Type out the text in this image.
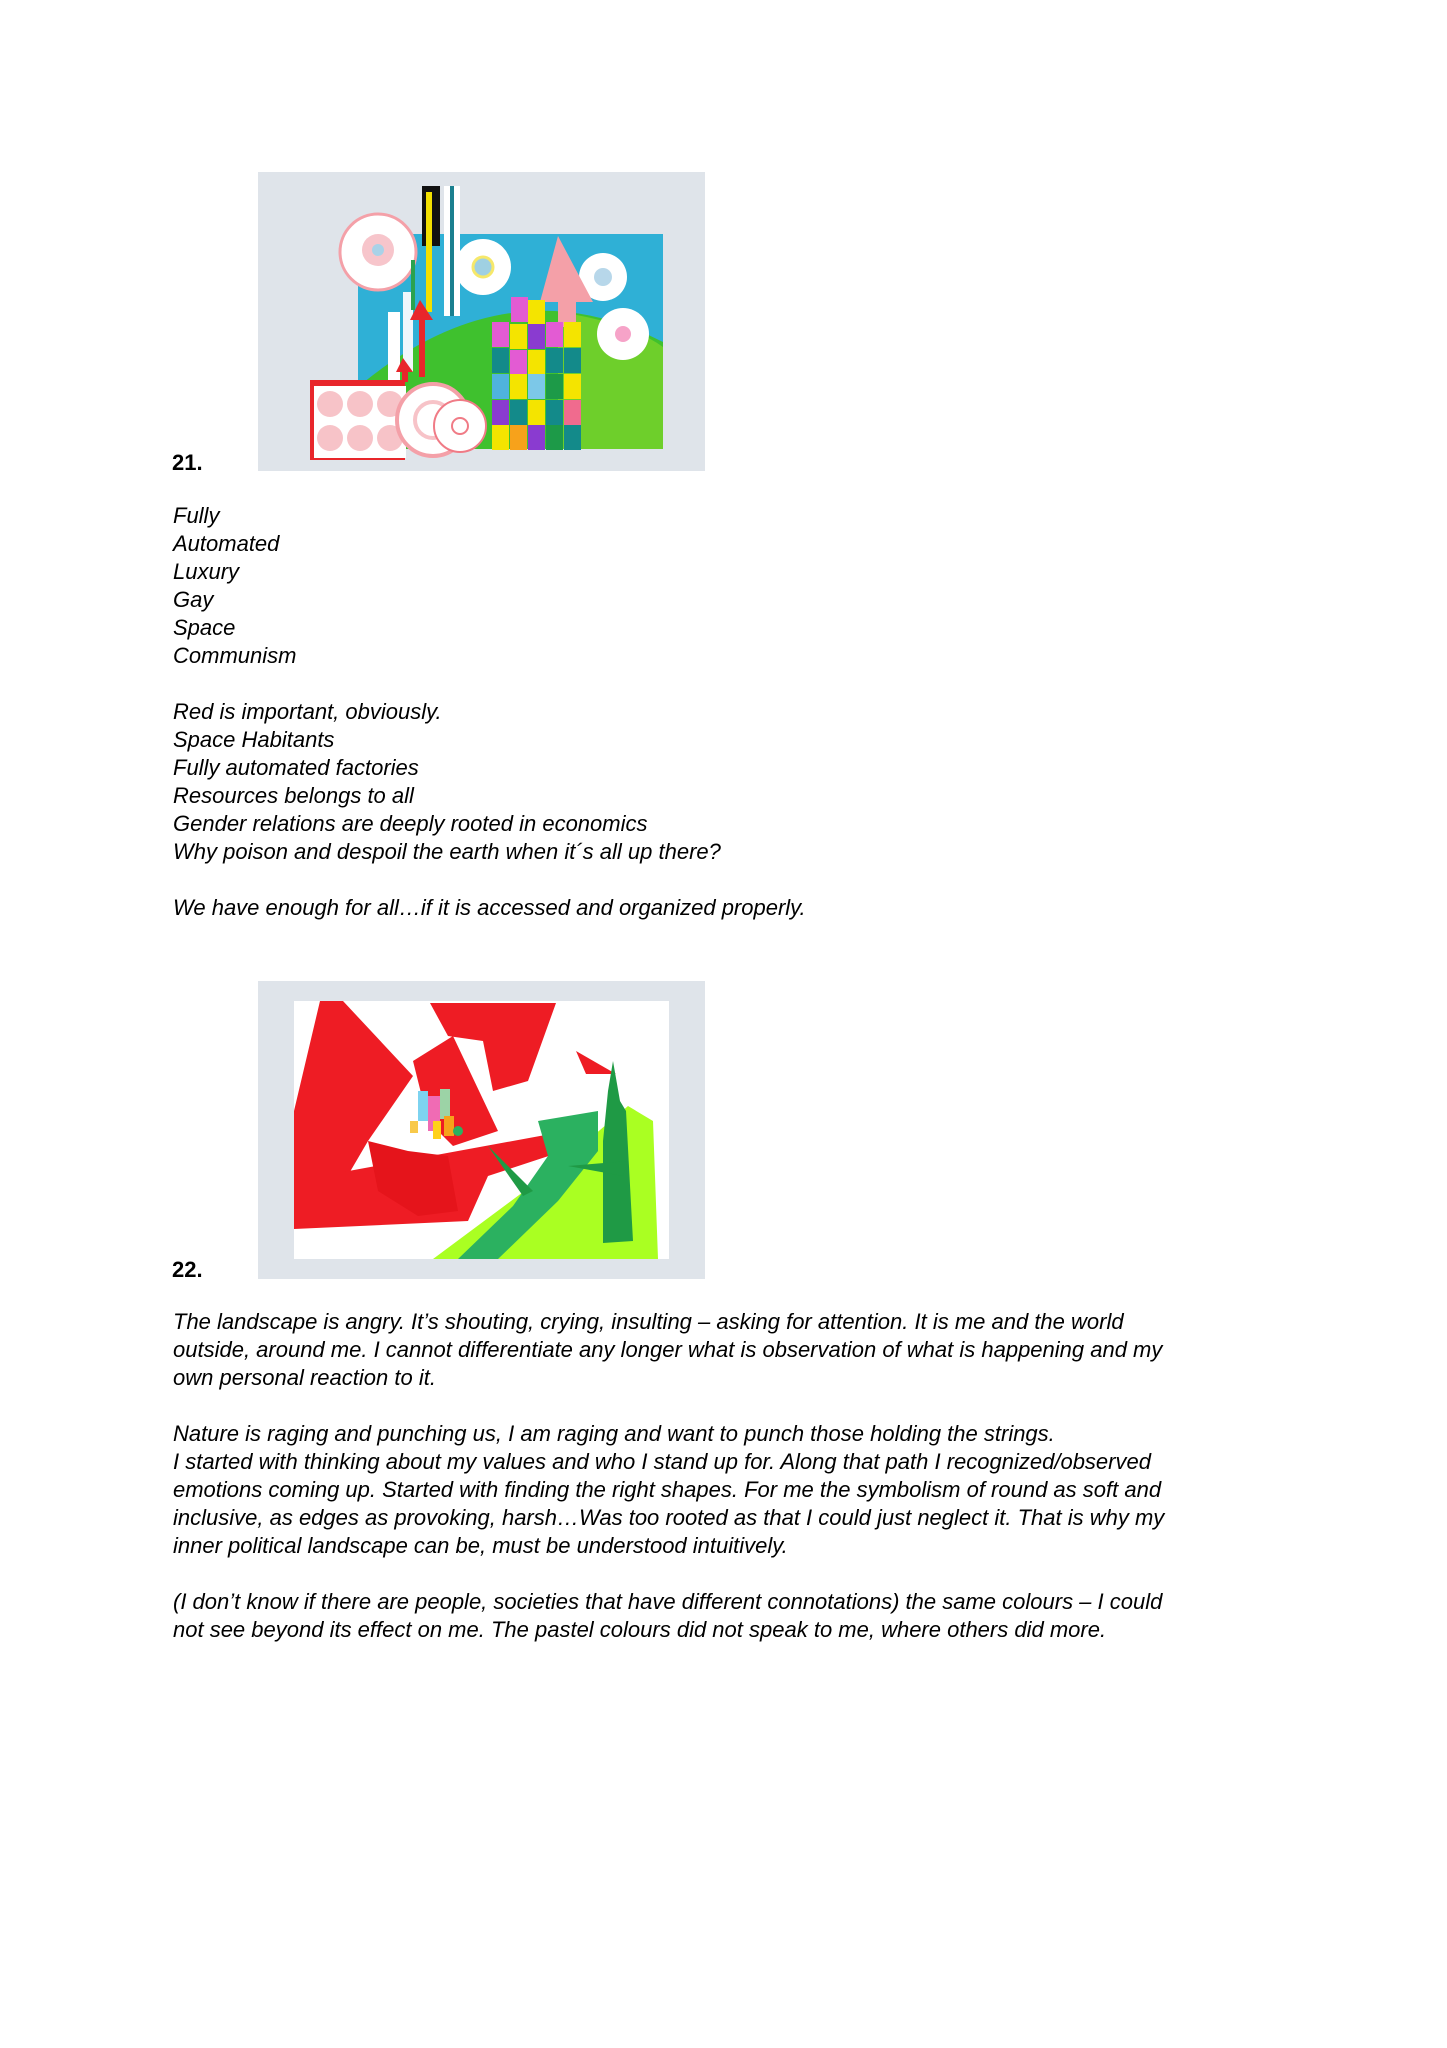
21.
Fully
Automated
Luxury
Gay
Space
Communism
Red is important, obviously.
Space Habitants
Fully automated factories
Resources belongs to all
Gender relations are deeply rooted in economics
Why poison and despoil the earth when it´s all up there?
We have enough for all…if it is accessed and organized properly.
22.
The landscape is angry. It’s shouting, crying, insulting – asking for attention. It is me and the world
outside, around me. I cannot differentiate any longer what is observation of what is happening and my
own personal reaction to it.
Nature is raging and punching us, I am raging and want to punch those holding the strings.
I started with thinking about my values and who I stand up for. Along that path I recognized/observed
emotions coming up. Started with finding the right shapes. For me the symbolism of round as soft and
inclusive, as edges as provoking, harsh…Was too rooted as that I could just neglect it. That is why my
inner political landscape can be, must be understood intuitively.
(I don’t know if there are people, societies that have different connotations) the same colours – I could
not see beyond its effect on me. The pastel colours did not speak to me, where others did more.
